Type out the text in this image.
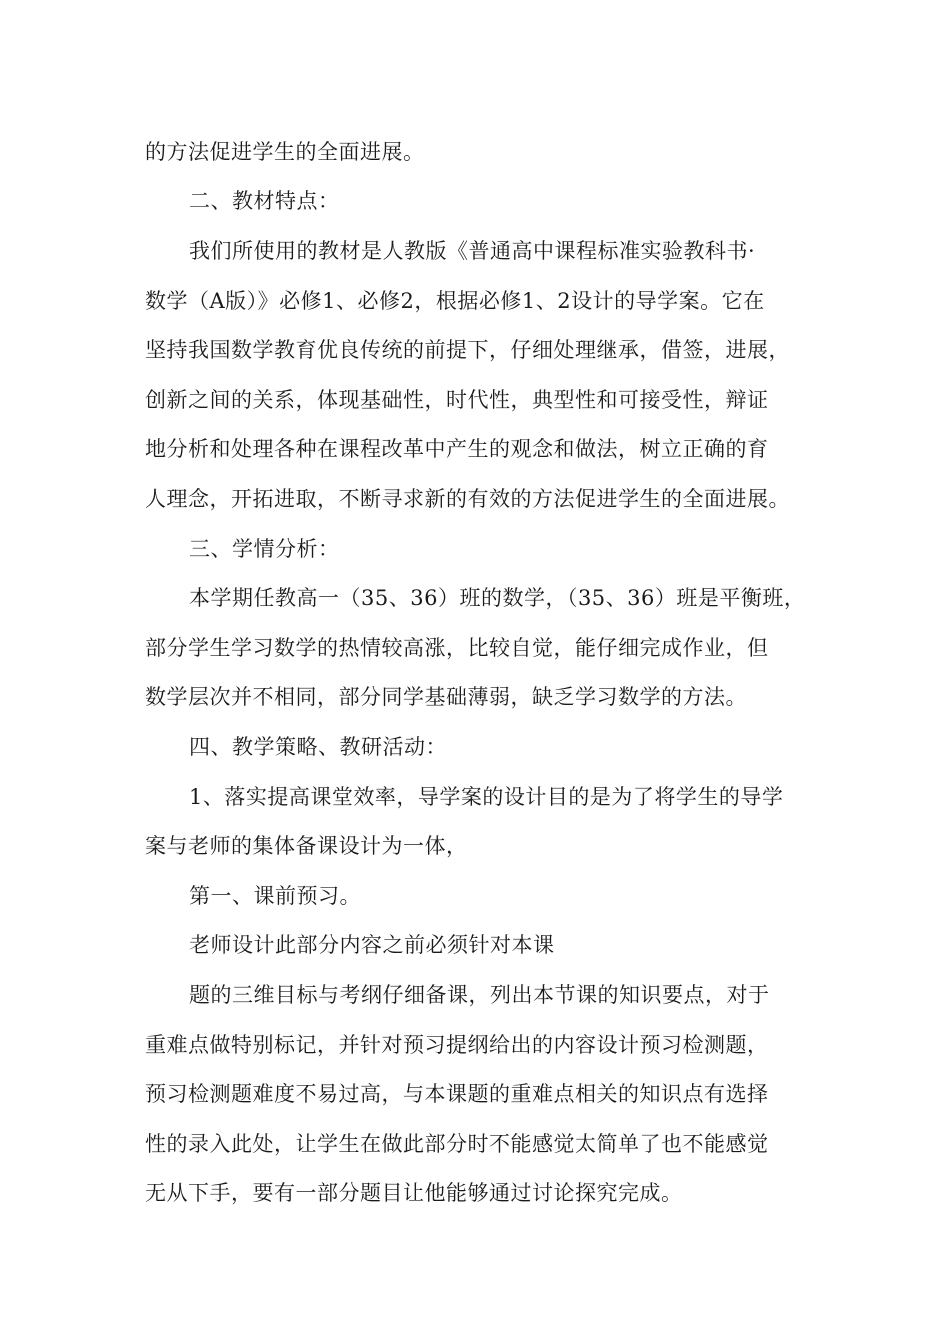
的方法促进学生的全面进展。
二、教材特点：
我们所使用的教材是人教版《普通高中课程标准实验教科书·
数学（A版）》必修1、必修2，根据必修1、2设计的导学案。它在
坚持我国数学教育优良传统的前提下，仔细处理继承，借签，进展，
创新之间的关系，体现基础性，时代性，典型性和可接受性，辩证
地分析和处理各种在课程改革中产生的观念和做法，树立正确的育
人理念，开拓进取，不断寻求新的有效的方法促进学生的全面进展。
三、学情分析：
本学期任教高一（35、36）班的数学，（35、36）班是平衡班，
部分学生学习数学的热情较高涨，比较自觉，能仔细完成作业，但
数学层次并不相同，部分同学基础薄弱，缺乏学习数学的方法。
四、教学策略、教研活动：
1、落实提高课堂效率，导学案的设计目的是为了将学生的导学
案与老师的集体备课设计为一体，
第一、课前预习。
老师设计此部分内容之前必须针对本课
题的三维目标与考纲仔细备课，列出本节课的知识要点，对于
重难点做特别标记，并针对预习提纲给出的内容设计预习检测题，
预习检测题难度不易过高，与本课题的重难点相关的知识点有选择
性的录入此处，让学生在做此部分时不能感觉太简单了也不能感觉
无从下手，要有一部分题目让他能够通过讨论探究完成。
